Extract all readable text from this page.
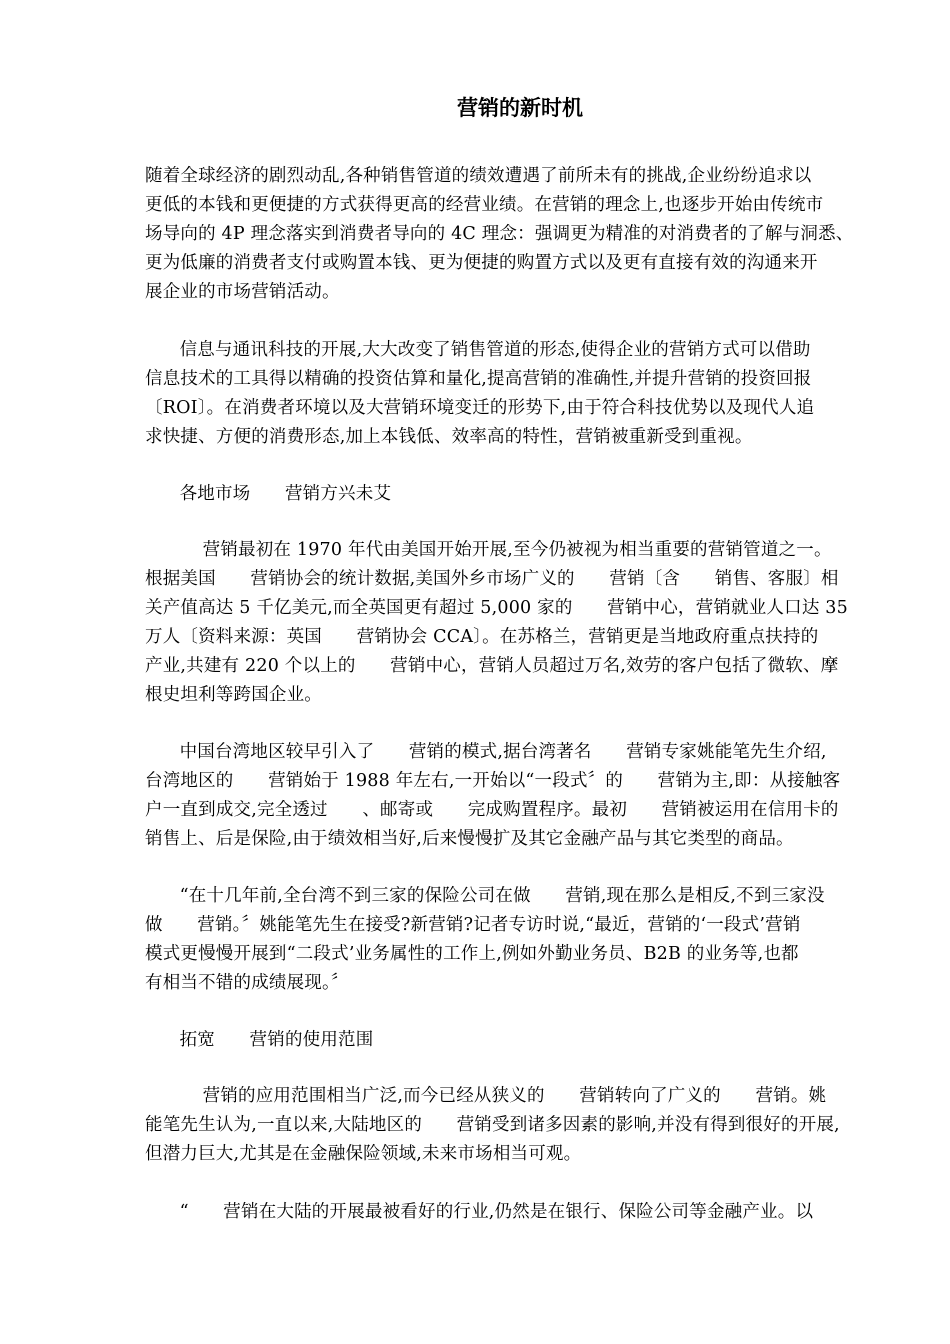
营销的新时机
随着全球经济的剧烈动乱,各种销售管道的绩效遭遇了前所未有的挑战,企业纷纷追求以
更低的本钱和更便捷的方式获得更高的经营业绩。在营销的理念上,也逐步开始由传统市
场导向的 4P 理念落实到消费者导向的 4C 理念：强调更为精准的对消费者的了解与洞悉、
更为低廉的消费者支付或购置本钱、更为便捷的购置方式以及更有直接有效的沟通来开
展企业的市场营销活动。
信息与通讯科技的开展,大大改变了销售管道的形态,使得企业的营销方式可以借助
信息技术的工具得以精确的投资估算和量化,提高营销的准确性,并提升营销的投资回报
〔ROI〕。在消费者环境以及大营销环境变迁的形势下,由于符合科技优势以及现代人追
求快捷、方便的消费形态,加上本钱低、效率高的特性，营销被重新受到重视。
各地市场      营销方兴未艾
营销最初在 1970 年代由美国开始开展,至今仍被视为相当重要的营销管道之一。
根据美国      营销协会的统计数据,美国外乡市场广义的      营销〔含      销售、客服〕相
关产值高达 5 千亿美元,而全英国更有超过 5,000 家的      营销中心，营销就业人口达 35
万人〔资料来源：英国      营销协会 CCA〕。在苏格兰，营销更是当地政府重点扶持的
产业,共建有 220 个以上的      营销中心，营销人员超过万名,效劳的客户包括了微软、摩
根史坦利等跨国企业。
中国台湾地区较早引入了      营销的模式,据台湾著名      营销专家姚能笔先生介绍,
台湾地区的      营销始于 1988 年左右,一开始以“一段式〞的      营销为主,即：从接触客
户一直到成交,完全透过      、邮寄或      完成购置程序。最初      营销被运用在信用卡的
销售上、后是保险,由于绩效相当好,后来慢慢扩及其它金融产品与其它类型的商品。
“在十几年前,全台湾不到三家的保险公司在做      营销,现在那么是相反,不到三家没
做      营销。〞姚能笔先生在接受?新营销?记者专访时说,“最近，营销的‘一段式’营销
模式更慢慢开展到“二段式’业务属性的工作上,例如外勤业务员、B2B 的业务等,也都
有相当不错的成绩展现。〞
拓宽      营销的使用范围
营销的应用范围相当广泛,而今已经从狭义的      营销转向了广义的      营销。姚
能笔先生认为,一直以来,大陆地区的      营销受到诸多因素的影响,并没有得到很好的开展,
但潜力巨大,尤其是在金融保险领域,未来市场相当可观。
“      营销在大陆的开展最被看好的行业,仍然是在银行、保险公司等金融产业。以
